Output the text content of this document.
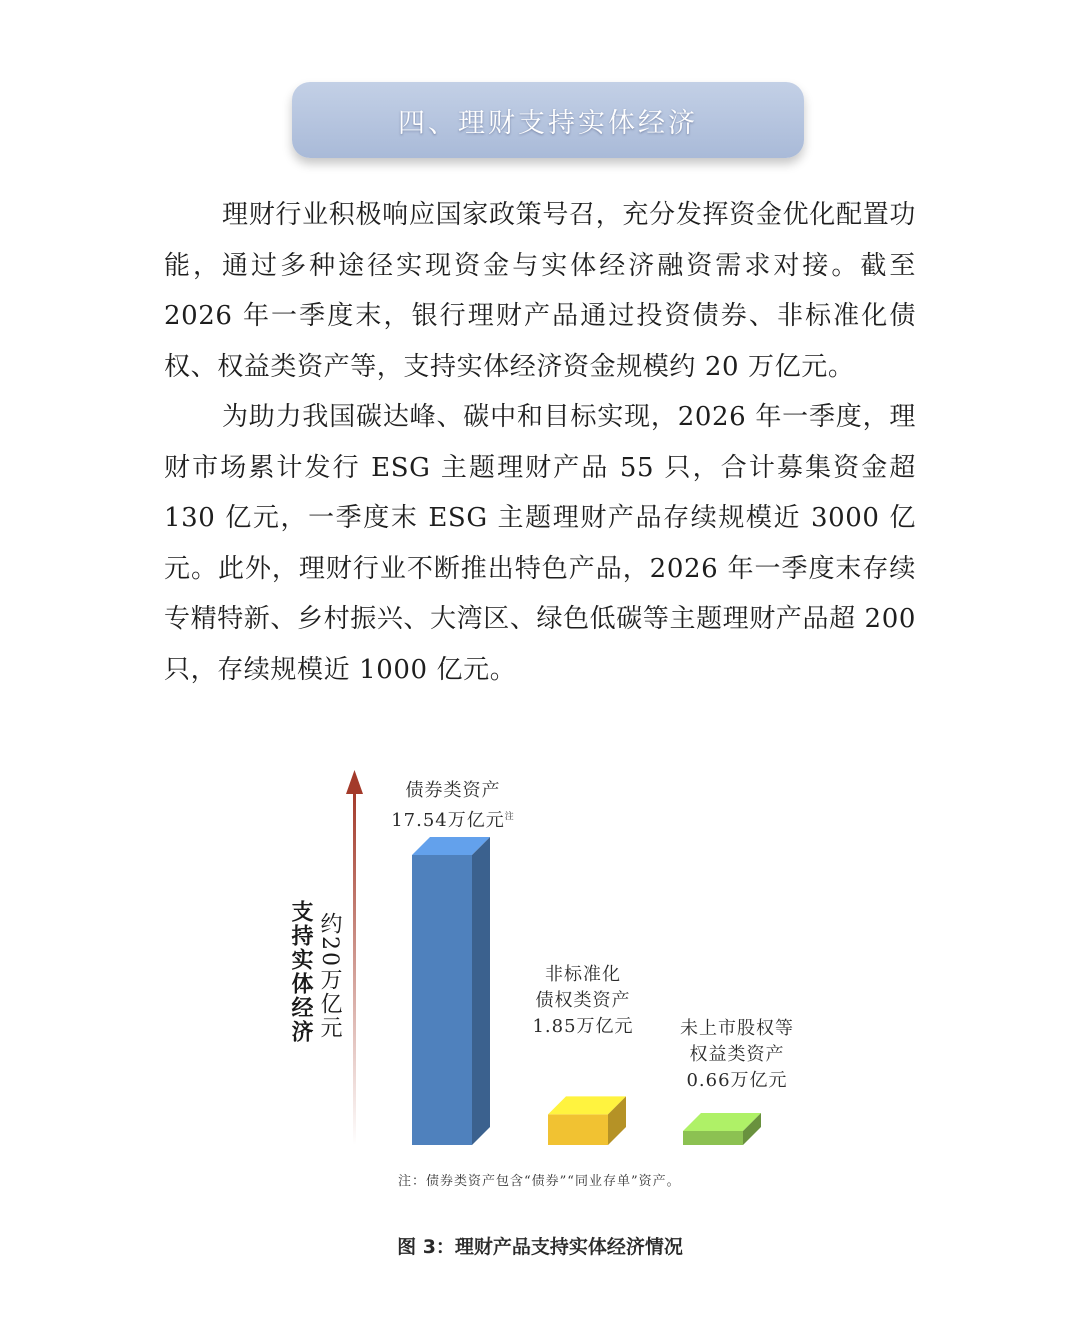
四、理财支持实体经济

理财行业积极响应国家政策号召，充分发挥资金优化配置功能，通过多种途径实现资金与实体经济融资需求对接。截至 2026 年一季度末，银行理财产品通过投资债券、非标准化债权、权益类资产等，支持实体经济资金规模约 20 万亿元。

为助力我国碳达峰、碳中和目标实现，2026 年一季度，理财市场累计发行 ESG 主题理财产品 55 只，合计募集资金超 130 亿元，一季度末 ESG 主题理财产品存续规模近 3000 亿元。此外，理财行业不断推出特色产品，2026 年一季度末存续专精特新、乡村振兴、大湾区、绿色低碳等主题理财产品超 200 只，存续规模近 1000 亿元。

支持实体经济 约20万亿元
债券类资产
17.54万亿元$^注$
非标准化
债权类资产
1.85万亿元	未上市股权等
权益类资产
0.66万亿元
注：债券类资产包含“债券”“同业存单”资产。
图 3：理财产品支持实体经济情况
